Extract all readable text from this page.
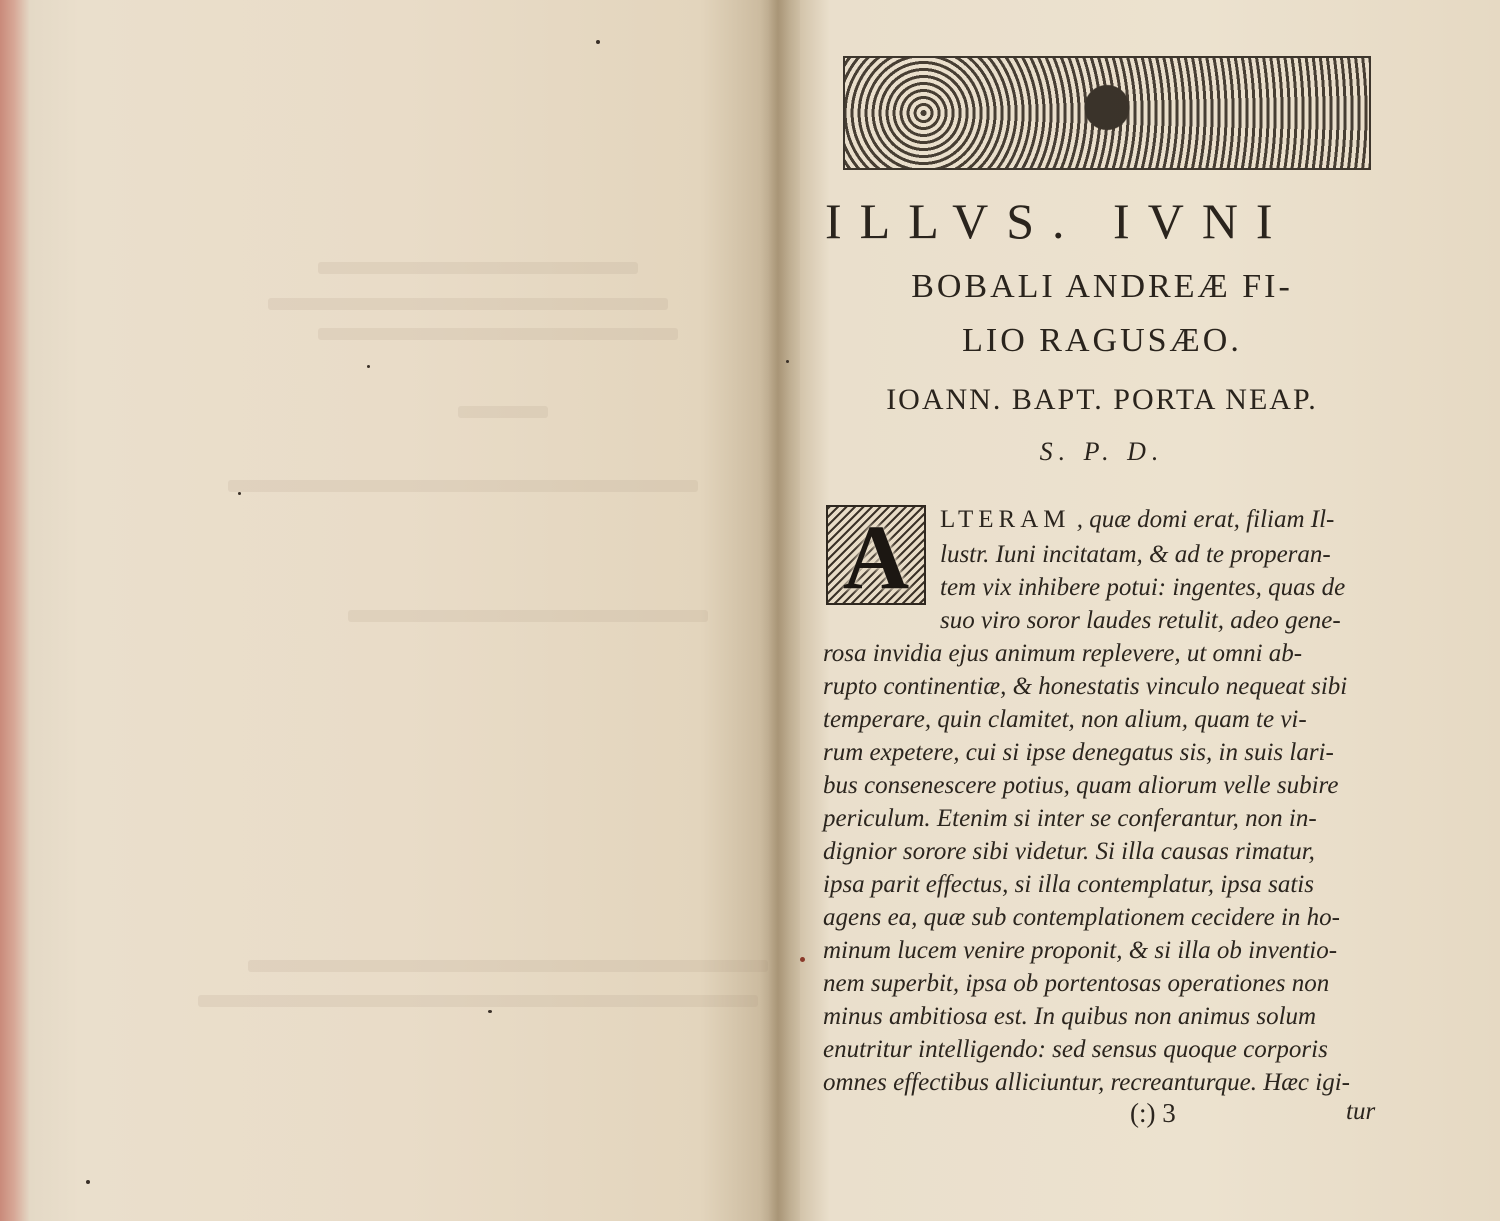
ILLVS. IVNI
BOBALI ANDREÆ FI-
LIO RAGUSÆO.
IOANN. BAPT. PORTA NEAP.
S. P. D.
A	LTERAM , quæ domi erat, filiam Il-
lustr. Iuni incitatam, & ad te properan-
tem vix inhibere potui: ingentes, quas de
suo viro soror laudes retulit, adeo gene-
rosa invidia ejus animum replevere, ut omni ab-
rupto continentiæ, & honestatis vinculo nequeat sibi
temperare, quin clamitet, non alium, quam te vi-
rum expetere, cui si ipse denegatus sis, in suis lari-
bus consenescere potius, quam aliorum velle subire
periculum. Etenim si inter se conferantur, non in-
dignior sorore sibi videtur. Si illa causas rimatur,
ipsa parit effectus, si illa contemplatur, ipsa satis
agens ea, quæ sub contemplationem cecidere in ho-
minum lucem venire proponit, & si illa ob inventio-
nem superbit, ipsa ob portentosas operationes non
minus ambitiosa est. In quibus non animus solum
enutritur intelligendo: sed sensus quoque corporis
omnes effectibus alliciuntur, recreanturque. Hæc igi-
(:) 3	tur
